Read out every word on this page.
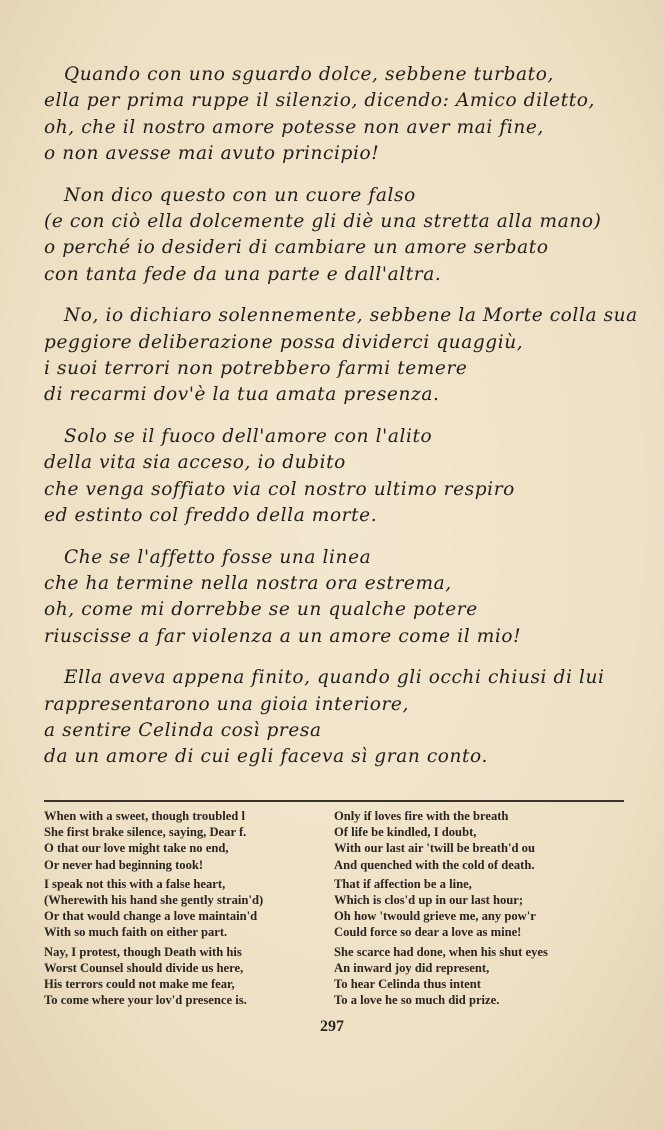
Quando con uno sguardo dolce, sebbene turbato,
ella per prima ruppe il silenzio, dicendo: Amico diletto,
oh, che il nostro amore potesse non aver mai fine,
o non avesse mai avuto principio!
Non dico questo con un cuore falso
(e con ciò ella dolcemente gli diè una stretta alla mano)
o perché io desideri di cambiare un amore serbato
con tanta fede da una parte e dall'altra.
No, io dichiaro solennemente, sebbene la Morte colla sua
peggiore deliberazione possa dividerci quaggiù,
i suoi terrori non potrebbero farmi temere
di recarmi dov'è la tua amata presenza.
Solo se il fuoco dell'amore con l'alito
della vita sia acceso, io dubito
che venga soffiato via col nostro ultimo respiro
ed estinto col freddo della morte.
Che se l'affetto fosse una linea
che ha termine nella nostra ora estrema,
oh, come mi dorrebbe se un qualche potere
riuscisse a far violenza a un amore come il mio!
Ella aveva appena finito, quando gli occhi chiusi di lui
rappresentarono una gioia interiore,
a sentire Celinda così presa
da un amore di cui egli faceva sì gran conto.
When with a sweet, though troubled l
She first brake silence, saying, Dear f.
O that our love might take no end,
Or never had beginning took!
Only if loves fire with the breath
Of life be kindled, I doubt,
With our last air 'twill be breath'd ou
And quenched with the cold of death.
I speak not this with a false heart,
(Wherewith his hand she gently strain'd)
Or that would change a love maintain'd
With so much faith on either part.
That if affection be a line,
Which is clos'd up in our last hour;
Oh how 'twould grieve me, any pow'r
Could force so dear a love as mine!
Nay, I protest, though Death with his
Worst Counsel should divide us here,
His terrors could not make me fear,
To come where your lov'd presence is.
She scarce had done, when his shut eyes
An inward joy did represent,
To hear Celinda thus intent
To a love he so much did prize.
297
